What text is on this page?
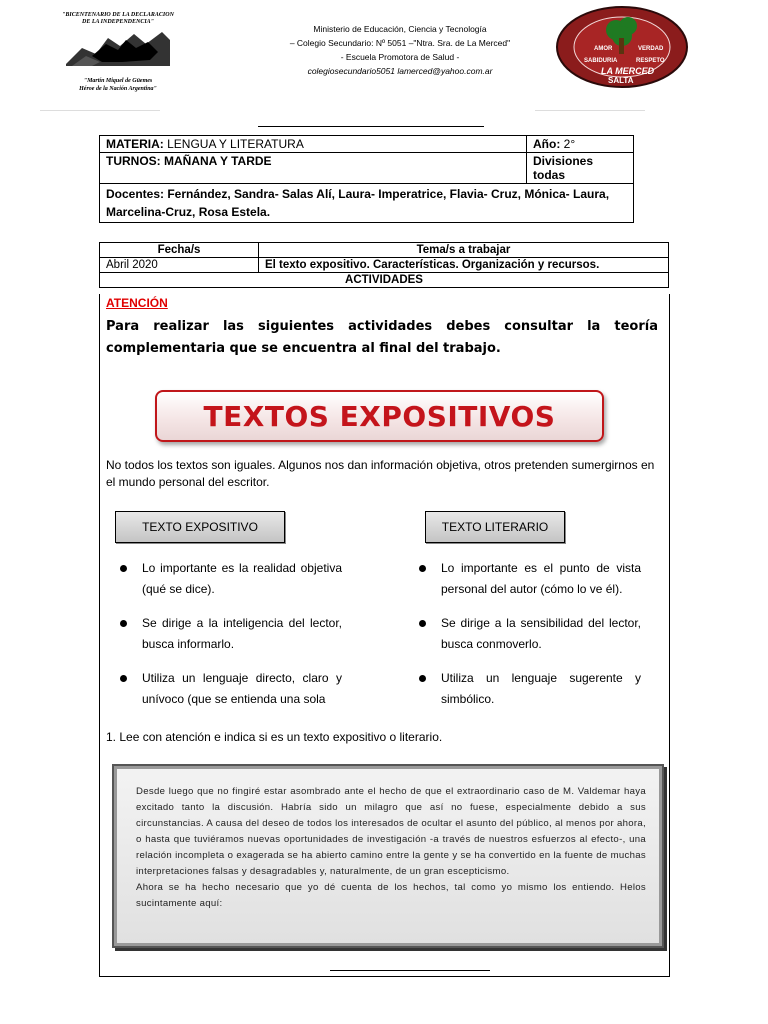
"BICENTENARIO DE LA DECLARACION DE LA INDEPENDENCIA"
"Martín Miquel de Güemes
Héroe de la Nación Argentina"
Ministerio de Educación, Ciencia y Tecnología
– Colegio Secundario: Nº 5051 –"Ntra. Sra. de La Merced"
- Escuela Promotora de Salud -
colegiosecundario5051 lamerced@yahoo.com.ar
AMOR	VERDAD
SABIDURIA	RESPETO
LA MERCED
SALTA
MATERIA: LENGUA Y LITERATURA	Año: 2°
TURNOS: MAÑANA Y TARDE	Divisiones todas
Docentes: Fernández, Sandra- Salas Alí, Laura- Imperatrice, Flavia- Cruz, Mónica- Laura, Marcelina-Cruz, Rosa Estela.	
Fecha/s	Tema/s a trabajar
Abril 2020	El texto expositivo. Características. Organización y recursos.
ACTIVIDADES	
ATENCIÓN
Para realizar las siguientes actividades debes consultar la teoría complementaria que se encuentra al final del trabajo.
TEXTOS EXPOSITIVOS
No todos los textos son iguales. Algunos nos dan información objetiva, otros pretenden sumergirnos en el mundo personal del escritor.
TEXTO EXPOSITIVO	TEXTO LITERARIO
Lo importante es la realidad objetiva (qué se dice).
Se dirige a la inteligencia del lector, busca informarlo.
Utiliza un lenguaje directo, claro y unívoco (que se entienda una sola
Lo importante es el punto de vista personal del autor (cómo lo ve él).
Se dirige a la sensibilidad del lector, busca conmoverlo.
Utiliza un lenguaje sugerente y simbólico.
1. Lee con atención e indica si es un texto expositivo o literario.
Desde luego que no fingiré estar asombrado ante el hecho de que el extraordinario caso de M. Valdemar haya excitado tanto la discusión. Habría sido un milagro que así no fuese, especialmente debido a sus circunstancias. A causa del deseo de todos los interesados de ocultar el asunto del público, al menos por ahora, o hasta que tuviéramos nuevas oportunidades de investigación -a través de nuestros esfuerzos al efecto-, una relación incompleta o exagerada se ha abierto camino entre la gente y se ha convertido en la fuente de muchas interpretaciones falsas y desagradables y, naturalmente, de un gran escepticismo.
Ahora se ha hecho necesario que yo dé cuenta de los hechos, tal como yo mismo los entiendo. Helos sucintamente aquí:
